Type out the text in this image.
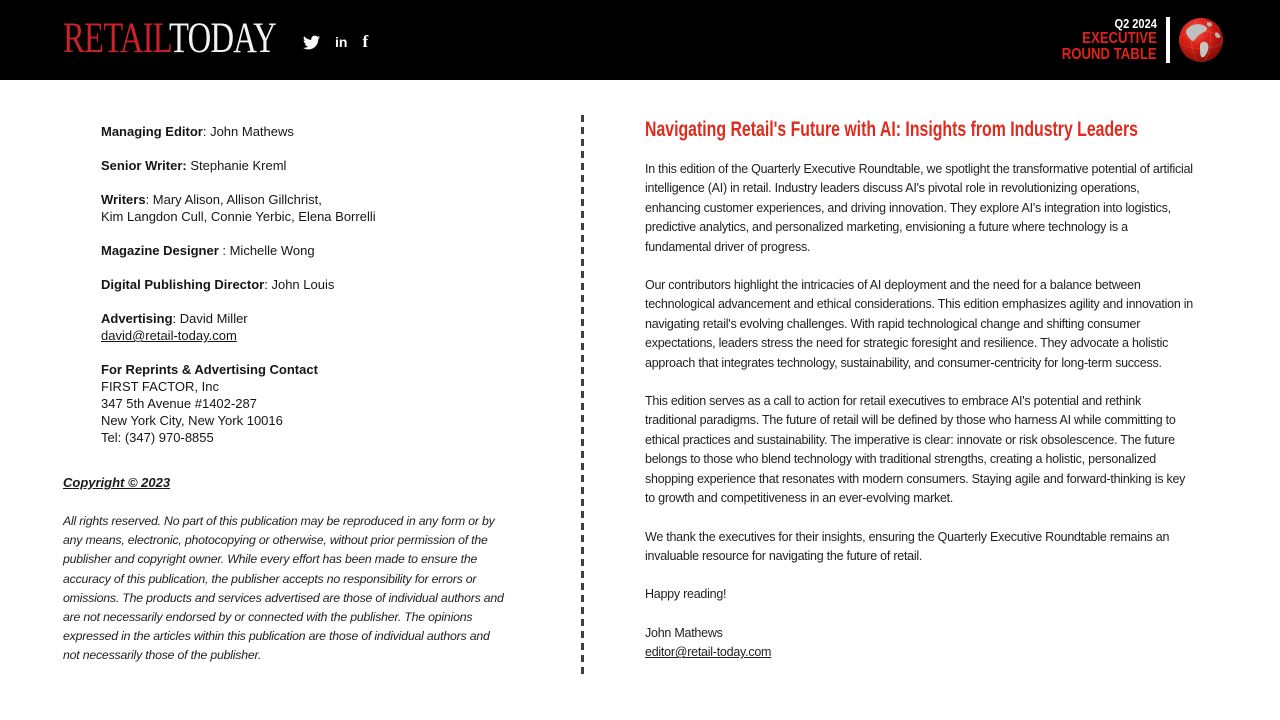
RETAILTODAY	in f
Q2 2024
EXECUTIVE
ROUND TABLE

Managing Editor: John Mathews

Senior Writer: Stephanie Kreml

Writers: Mary Alison, Allison Gillchrist,
Kim Langdon Cull, Connie Yerbic, Elena Borrelli

Magazine Designer : Michelle Wong

Digital Publishing Director: John Louis

Advertising: David Miller
david@retail-today.com

For Reprints & Advertising Contact
FIRST FACTOR, Inc
347 5th Avenue #1402-287
New York City, New York 10016
Tel: (347) 970-8855

Copyright © 2023
All rights reserved. No part of this publication may be reproduced in any form or by any means, electronic, photocopying or otherwise, without prior permission of the publisher and copyright owner. While every effort has been made to ensure the accuracy of this publication, the publisher accepts no responsibility for errors or omissions. The products and services advertised are those of individual authors and are not necessarily endorsed by or connected with the publisher. The opinions expressed in the articles within this publication are those of individual authors and not necessarily those of the publisher.
Navigating Retail's Future with AI: Insights from Industry Leaders

In this edition of the Quarterly Executive Roundtable, we spotlight the transformative potential of artificial intelligence (AI) in retail. Industry leaders discuss AI's pivotal role in revolutionizing operations, enhancing customer experiences, and driving innovation. They explore AI's integration into logistics, predictive analytics, and personalized marketing, envisioning a future where technology is a fundamental driver of progress.

Our contributors highlight the intricacies of AI deployment and the need for a balance between technological advancement and ethical considerations. This edition emphasizes agility and innovation in navigating retail's evolving challenges. With rapid technological change and shifting consumer expectations, leaders stress the need for strategic foresight and resilience. They advocate a holistic approach that integrates technology, sustainability, and consumer-centricity for long-term success.

This edition serves as a call to action for retail executives to embrace AI's potential and rethink traditional paradigms. The future of retail will be defined by those who harness AI while committing to ethical practices and sustainability. The imperative is clear: innovate or risk obsolescence. The future belongs to those who blend technology with traditional strengths, creating a holistic, personalized shopping experience that resonates with modern consumers. Staying agile and forward-thinking is key to growth and competitiveness in an ever-evolving market.

We thank the executives for their insights, ensuring the Quarterly Executive Roundtable remains an invaluable resource for navigating the future of retail.

Happy reading!

John Mathews
editor@retail-today.com
